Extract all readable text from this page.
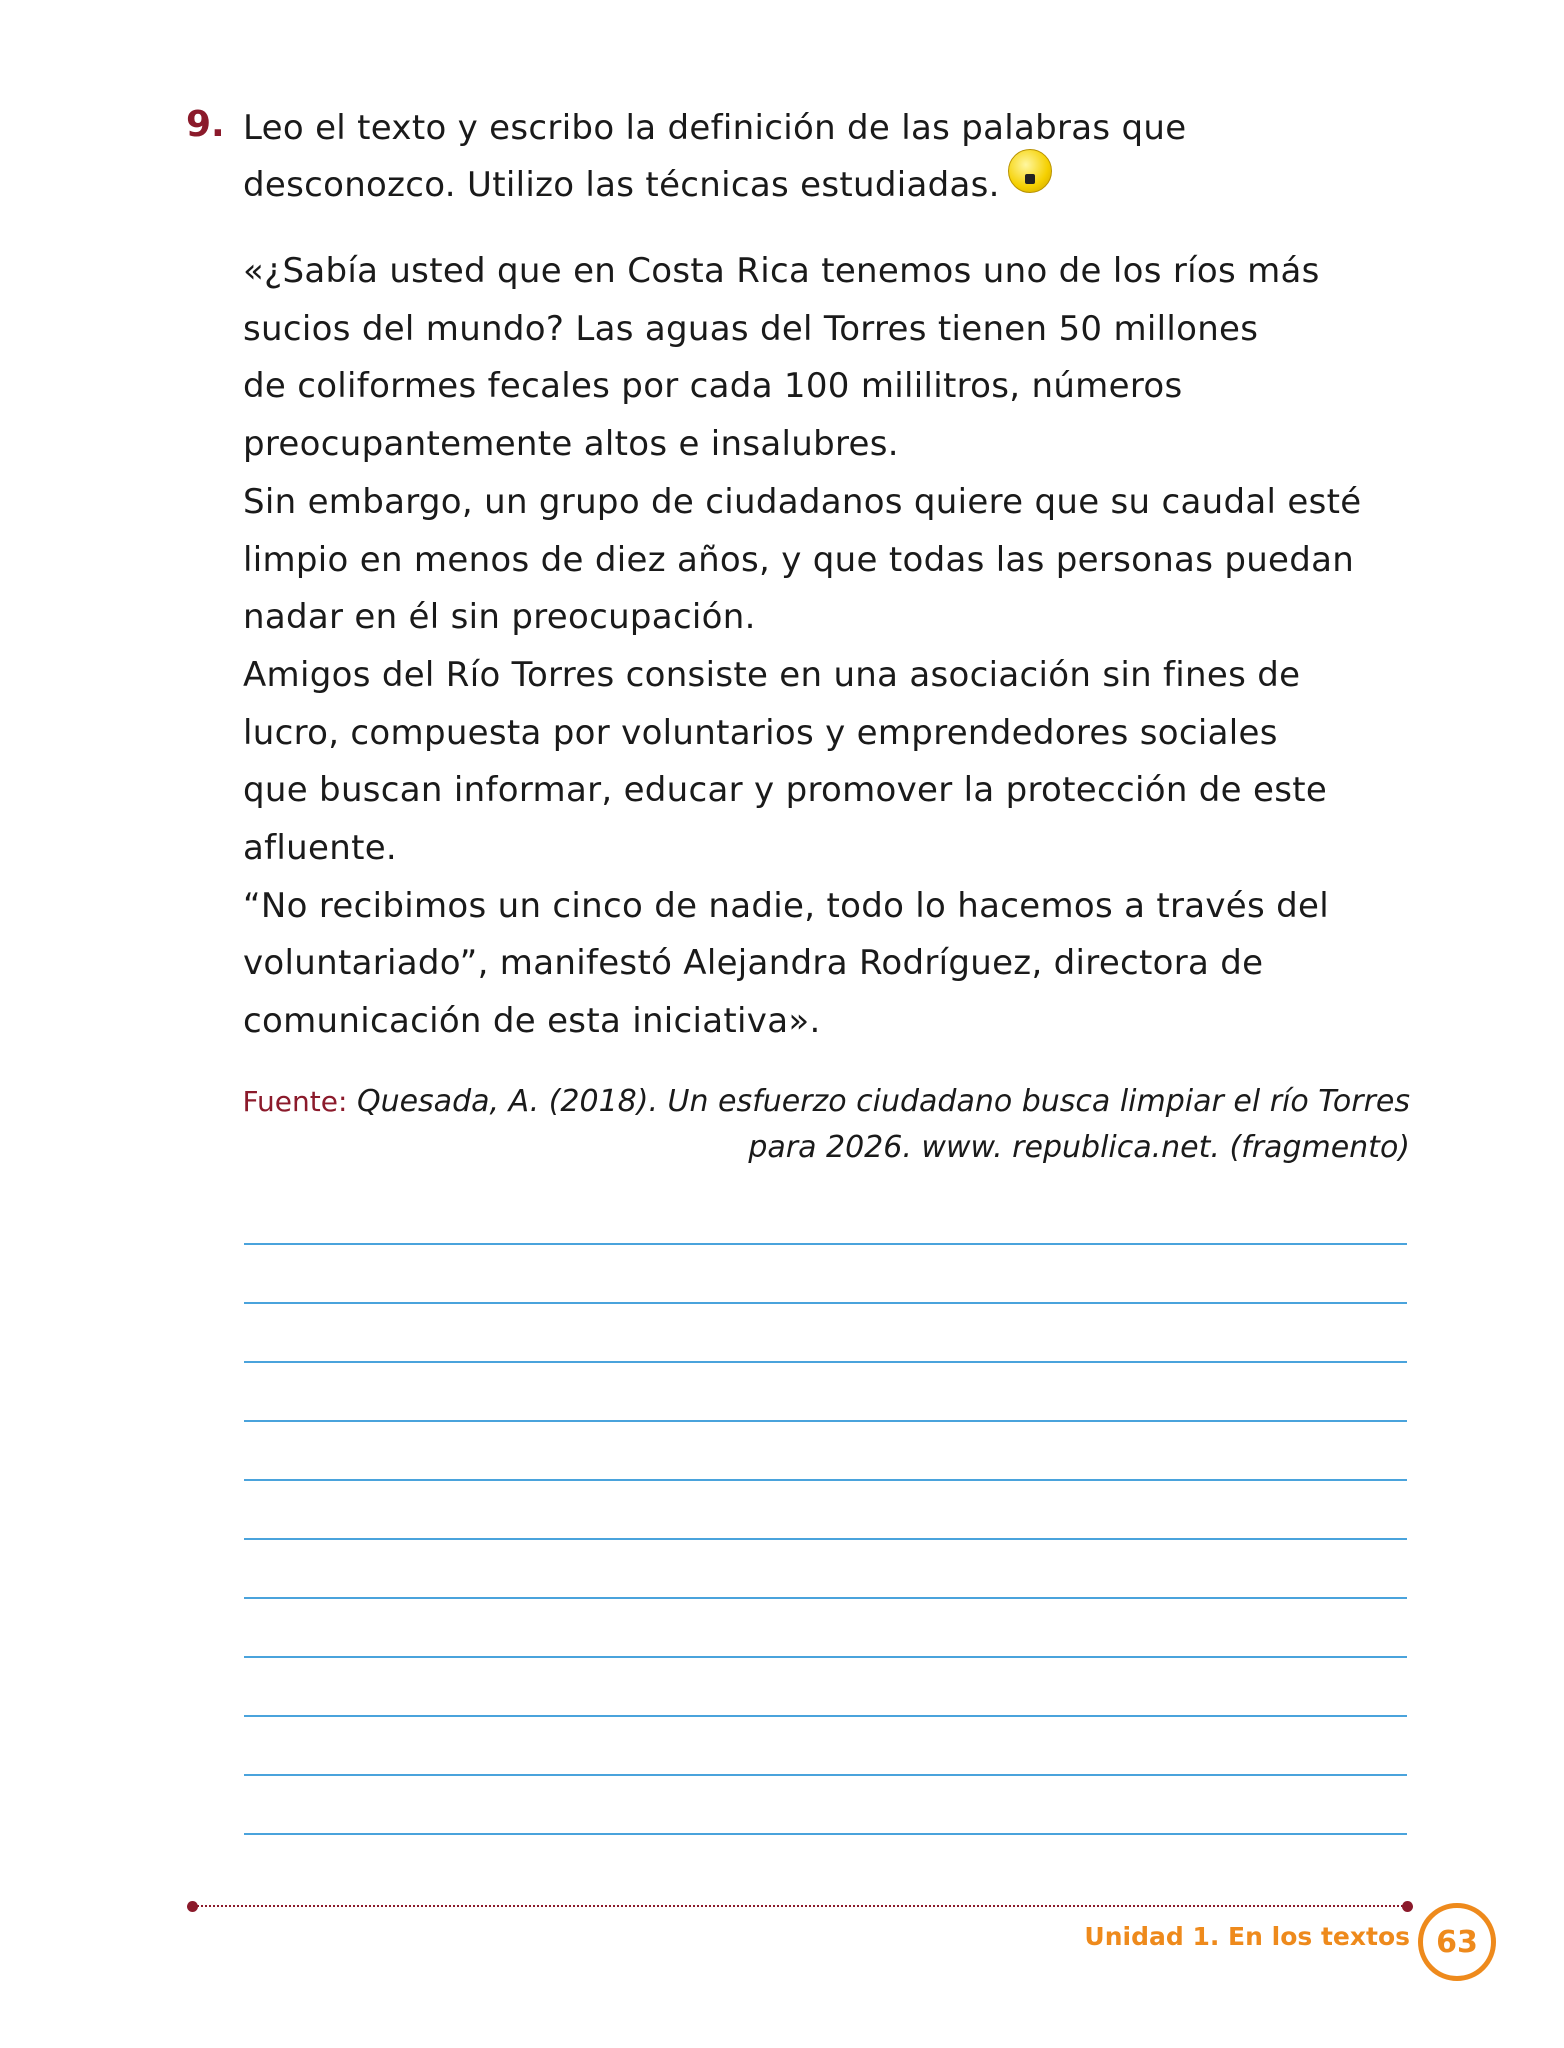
9. Leo el texto y escribo la definición de las palabras que
desconozco. Utilizo las técnicas estudiadas.
«¿Sabía usted que en Costa Rica tenemos uno de los ríos más
sucios del mundo? Las aguas del Torres tienen 50 millones
de coliformes fecales por cada 100 mililitros, números
preocupantemente altos e insalubres.
Sin embargo, un grupo de ciudadanos quiere que su caudal esté
limpio en menos de diez años, y que todas las personas puedan
nadar en él sin preocupación.
Amigos del Río Torres consiste en una asociación sin fines de
lucro, compuesta por voluntarios y emprendedores sociales
que buscan informar, educar y promover la protección de este
afluente.
“No recibimos un cinco de nadie, todo lo hacemos a través del
voluntariado”, manifestó Alejandra Rodríguez, directora de
comunicación de esta iniciativa».
Fuente: Quesada, A. (2018). Un esfuerzo ciudadano busca limpiar el río Torres
para 2026. www. republica.net. (fragmento)
Unidad 1. En los textos 63
